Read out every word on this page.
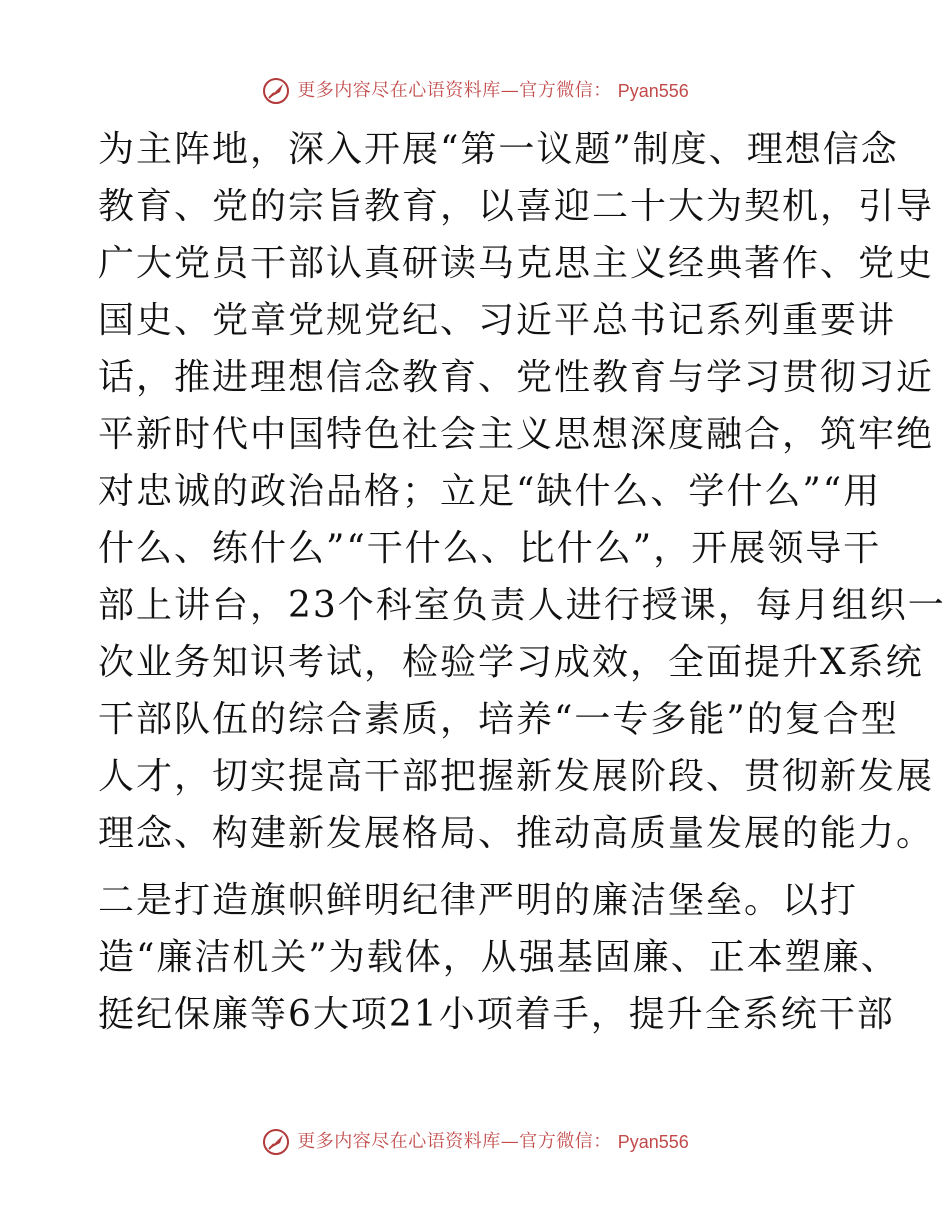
更多内容尽在心语资料库—官方微信： Pyan556
为主阵地，深入开展“第一议题”制度、理想信念
教育、党的宗旨教育，以喜迎二十大为契机，引导
广大党员干部认真研读马克思主义经典著作、党史
国史、党章党规党纪、习近平总书记系列重要讲
话，推进理想信念教育、党性教育与学习贯彻习近
平新时代中国特色社会主义思想深度融合，筑牢绝
对忠诚的政治品格；立足“缺什么、学什么”“用
什么、练什么”“干什么、比什么”，开展领导干
部上讲台，23个科室负责人进行授课，每月组织一
次业务知识考试，检验学习成效，全面提升X系统
干部队伍的综合素质，培养“一专多能”的复合型
人才，切实提高干部把握新发展阶段、贯彻新发展
理念、构建新发展格局、推动高质量发展的能力。
二是打造旗帜鲜明纪律严明的廉洁堡垒。以打
造“廉洁机关”为载体，从强基固廉、正本塑廉、
挺纪保廉等6大项21小项着手，提升全系统干部
更多内容尽在心语资料库—官方微信： Pyan556
